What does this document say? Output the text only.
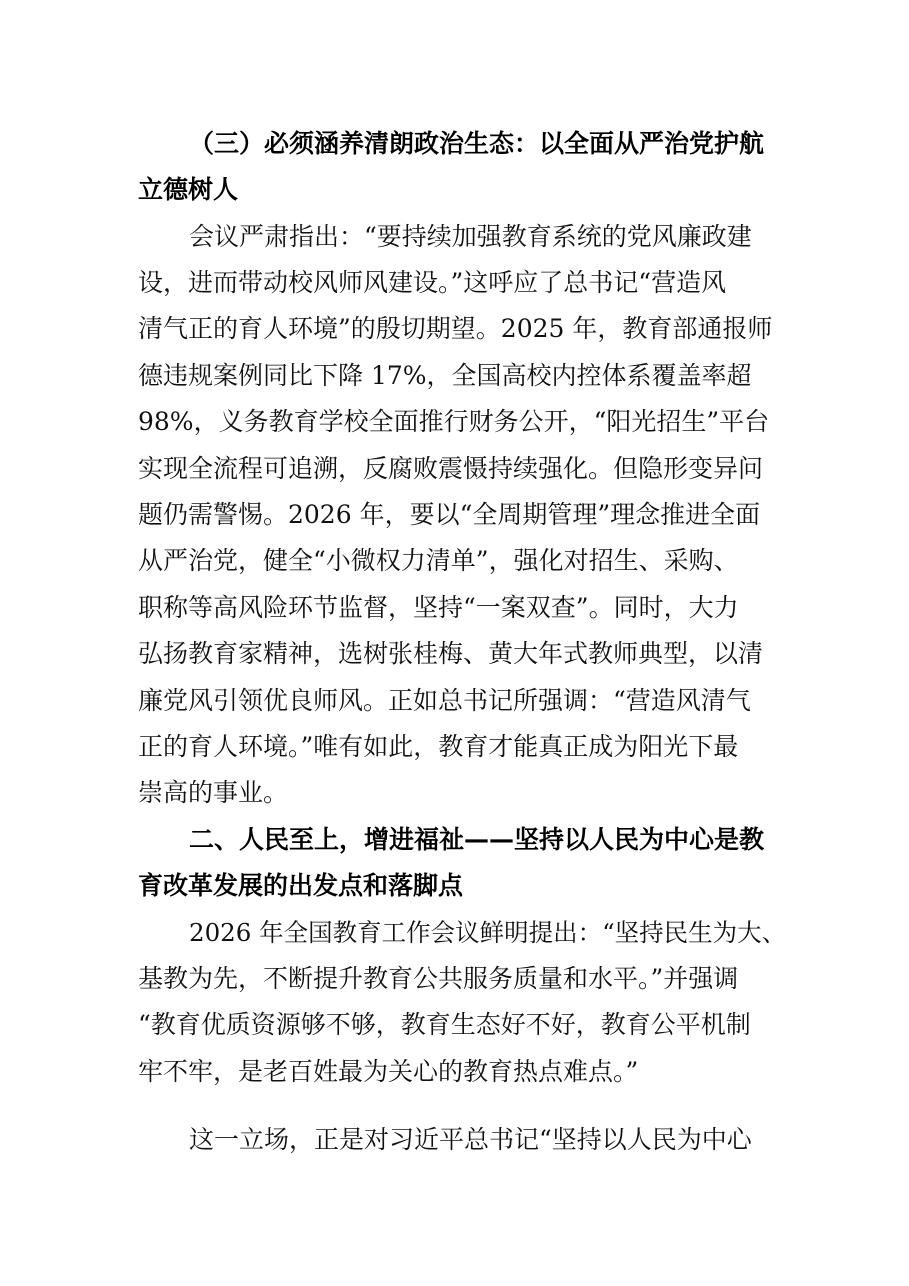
（三）必须涵养清朗政治生态：以全面从严治党护航
立德树人
会议严肃指出：“要持续加强教育系统的党风廉政建
设，进而带动校风师风建设。”这呼应了总书记“营造风
清气正的育人环境”的殷切期望。2025 年，教育部通报师
德违规案例同比下降 17%，全国高校内控体系覆盖率超
98%，义务教育学校全面推行财务公开，“阳光招生”平台
实现全流程可追溯，反腐败震慑持续强化。但隐形变异问
题仍需警惕。2026 年，要以“全周期管理”理念推进全面
从严治党，健全“小微权力清单”，强化对招生、采购、
职称等高风险环节监督，坚持“一案双查”。同时，大力
弘扬教育家精神，选树张桂梅、黄大年式教师典型，以清
廉党风引领优良师风。正如总书记所强调：“营造风清气
正的育人环境。”唯有如此，教育才能真正成为阳光下最
崇高的事业。
二、人民至上，增进福祉——坚持以人民为中心是教
育改革发展的出发点和落脚点
2026 年全国教育工作会议鲜明提出：“坚持民生为大、
基教为先，不断提升教育公共服务质量和水平。”并强调
“教育优质资源够不够，教育生态好不好，教育公平机制
牢不牢，是老百姓最为关心的教育热点难点。”
这一立场，正是对习近平总书记“坚持以人民为中心
